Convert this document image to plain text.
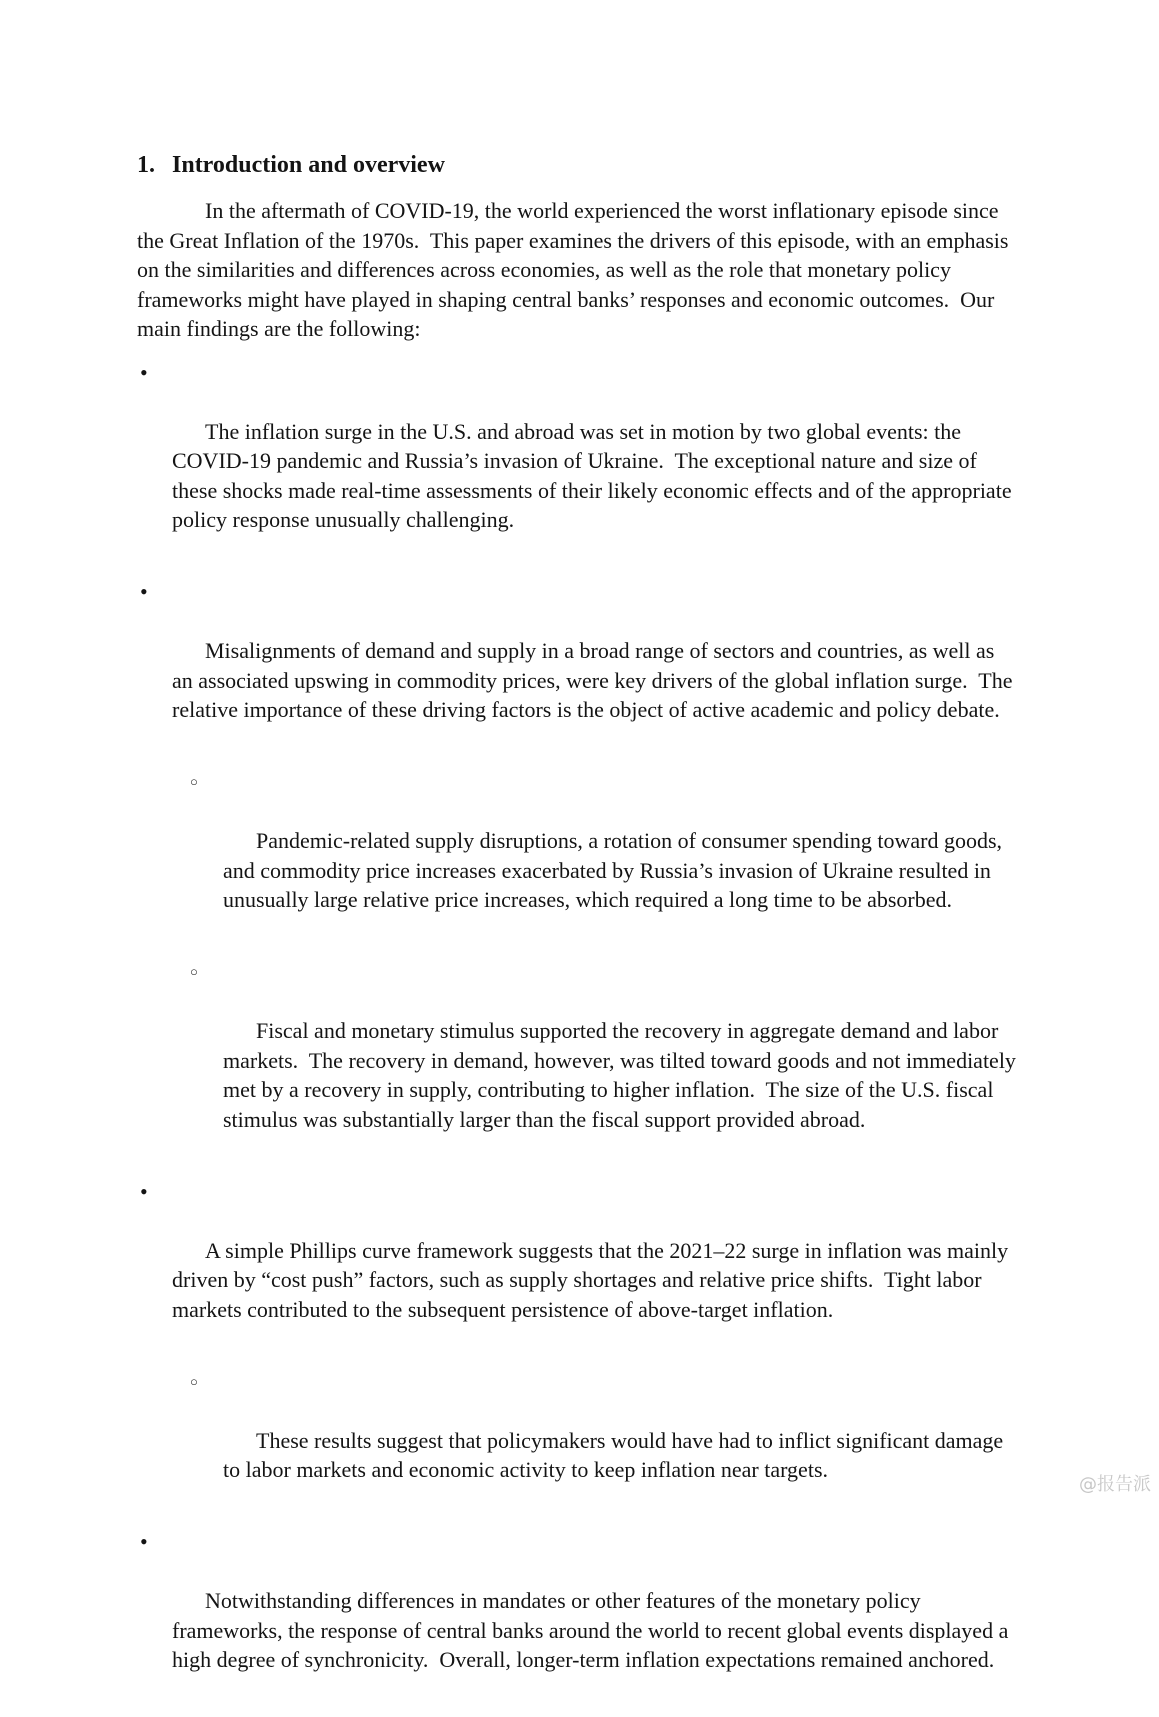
1. Introduction and overview

In the aftermath of COVID-19, the world experienced the worst inflationary episode since the Great Inflation of the 1970s.  This paper examines the drivers of this episode, with an emphasis on the similarities and differences across economies, as well as the role that monetary policy frameworks might have played in shaping central banks’ responses and economic outcomes.  Our main findings are the following:

•

The inflation surge in the U.S. and abroad was set in motion by two global events: the COVID-19 pandemic and Russia’s invasion of Ukraine.  The exceptional nature and size of these shocks made real-time assessments of their likely economic effects and of the appropriate policy response unusually challenging.

•

Misalignments of demand and supply in a broad range of sectors and countries, as well as an associated upswing in commodity prices, were key drivers of the global inflation surge.  The relative importance of these driving factors is the object of active academic and policy debate.

○

Pandemic-related supply disruptions, a rotation of consumer spending toward goods, and commodity price increases exacerbated by Russia’s invasion of Ukraine resulted in unusually large relative price increases, which required a long time to be absorbed.

○

Fiscal and monetary stimulus supported the recovery in aggregate demand and labor markets.  The recovery in demand, however, was tilted toward goods and not immediately met by a recovery in supply, contributing to higher inflation.  The size of the U.S. fiscal stimulus was substantially larger than the fiscal support provided abroad.

•

A simple Phillips curve framework suggests that the 2021–22 surge in inflation was mainly driven by “cost push” factors, such as supply shortages and relative price shifts.  Tight labor markets contributed to the subsequent persistence of above-target inflation.

○

These results suggest that policymakers would have had to inflict significant damage to labor markets and economic activity to keep inflation near targets.

•

Notwithstanding differences in mandates or other features of the monetary policy frameworks, the response of central banks around the world to recent global events displayed a high degree of synchronicity.  Overall, longer-term inflation expectations remained anchored.

@报告派
